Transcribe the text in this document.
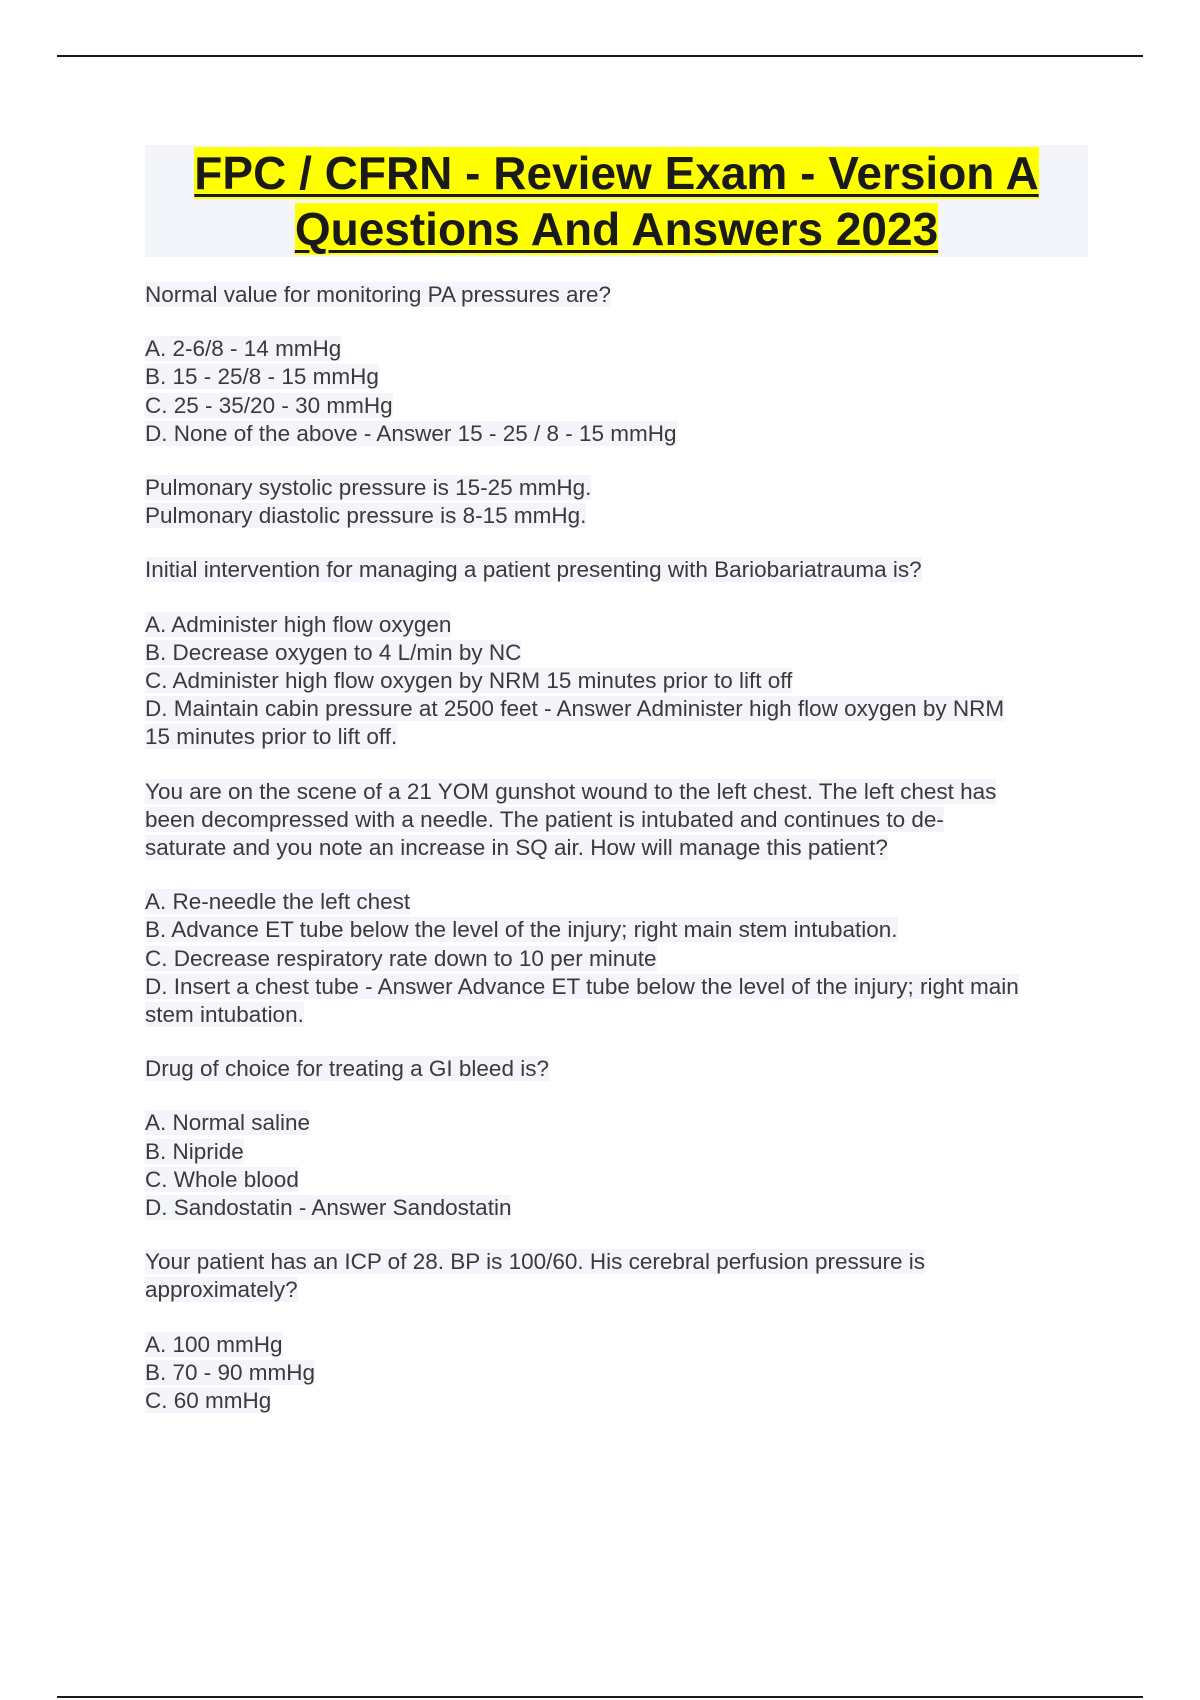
FPC / CFRN - Review Exam - Version A
Questions And Answers 2023
Normal value for monitoring PA pressures are?
A. 2-6/8 - 14 mmHg
B. 15 - 25/8 - 15 mmHg
C. 25 - 35/20 - 30 mmHg
D. None of the above - Answer 15 - 25 / 8 - 15 mmHg
Pulmonary systolic pressure is 15-25 mmHg.
Pulmonary diastolic pressure is 8-15 mmHg.
Initial intervention for managing a patient presenting with Bariobariatrauma is?
A. Administer high flow oxygen
B. Decrease oxygen to 4 L/min by NC
C. Administer high flow oxygen by NRM 15 minutes prior to lift off
D. Maintain cabin pressure at 2500 feet - Answer Administer high flow oxygen by NRM
15 minutes prior to lift off.
You are on the scene of a 21 YOM gunshot wound to the left chest. The left chest has
been decompressed with a needle. The patient is intubated and continues to de-
saturate and you note an increase in SQ air. How will manage this patient?
A. Re-needle the left chest
B. Advance ET tube below the level of the injury; right main stem intubation.
C. Decrease respiratory rate down to 10 per minute
D. Insert a chest tube - Answer Advance ET tube below the level of the injury; right main
stem intubation.
Drug of choice for treating a GI bleed is?
A. Normal saline
B. Nipride
C. Whole blood
D. Sandostatin - Answer Sandostatin
Your patient has an ICP of 28. BP is 100/60. His cerebral perfusion pressure is
approximately?
A. 100 mmHg
B. 70 - 90 mmHg
C. 60 mmHg
